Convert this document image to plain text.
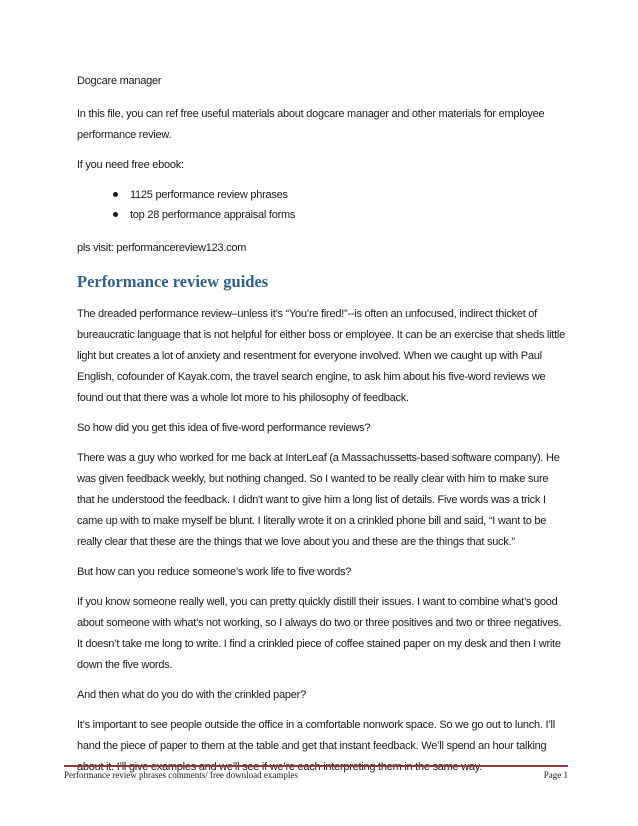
Dogcare manager

In this file, you can ref free useful materials about dogcare manager and other materials for employee performance review.

If you need free ebook:

1125 performance review phrases
top 28 performance appraisal forms

pls visit: performancereview123.com

Performance review guides

The dreaded performance review–unless it’s “You’re fired!”--is often an unfocused, indirect thicket of bureaucratic language that is not helpful for either boss or employee. It can be an exercise that sheds little light but creates a lot of anxiety and resentment for everyone involved. When we caught up with Paul English, cofounder of Kayak.com, the travel search engine, to ask him about his five-word reviews we found out that there was a whole lot more to his philosophy of feedback.

So how did you get this idea of five-word performance reviews?

There was a guy who worked for me back at InterLeaf (a Massachussetts-based software company). He was given feedback weekly, but nothing changed. So I wanted to be really clear with him to make sure that he understood the feedback. I didn't want to give him a long list of details. Five words was a trick I came up with to make myself be blunt. I literally wrote it on a crinkled phone bill and said, “I want to be really clear that these are the things that we love about you and these are the things that suck.”

But how can you reduce someone’s work life to five words?

If you know someone really well, you can pretty quickly distill their issues. I want to combine what’s good about someone with what’s not working, so I always do two or three positives and two or three negatives. It doesn’t take me long to write. I find a crinkled piece of coffee stained paper on my desk and then I write down the five words.

And then what do you do with the crinkled paper?

It’s important to see people outside the office in a comfortable nonwork space. So we go out to lunch. I’ll hand the piece of paper to them at the table and get that instant feedback. We’ll spend an hour talking about it. I’ll give examples and we’ll see if we’re each interpreting them in the same way.

Performance review phrases comments/ free download examples	Page 1
